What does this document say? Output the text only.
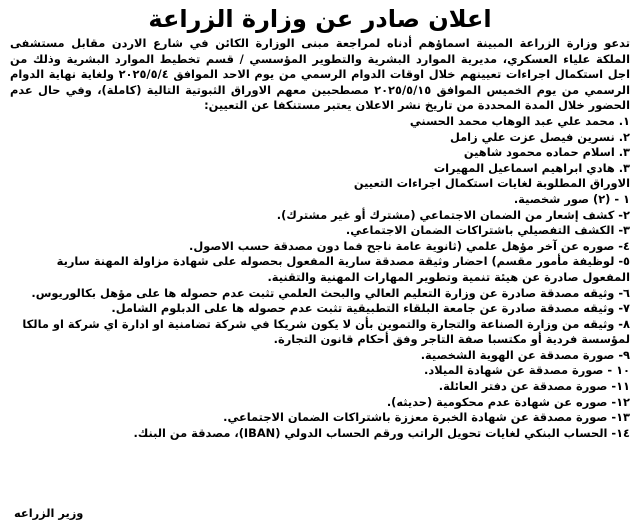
اعلان صادر عن وزارة الزراعة

تدعو وزارة الزراعة المبينة اسماؤهم أدناه لمراجعة مبنى الوزارة الكائن في شارع الاردن مقابل مستشفى الملكة علياء العسكري، مديرية الموارد البشرية والتطوير المؤسسي / قسم تخطيط الموارد البشرية وذلك من اجل استكمال اجراءات تعيينهم خلال اوقات الدوام الرسمي من يوم الاحد الموافق ٢٠٢٥/٥/٤ ولغاية نهاية الدوام الرسمي من يوم الخميس الموافق ٢٠٢٥/٥/١٥ مصطحبين معهم الاوراق الثبوتية التالية (كاملة)، وفي حال عدم الحضور خلال المدة المحددة من تاريخ نشر الاعلان يعتبر مستنكفا عن التعيين:

١. محمد علي عبد الوهاب محمد الحسني
٢. نسرين فيصل عزت علي زامل
٣. اسلام حماده محمود شاهين
٣. هادي ابراهيم اسماعيل المهيرات
الاوراق المطلوبة لغايات استكمال اجراءات التعيين
١ - (٢) صور شخصية.
٢- كشف إشعار من الضمان الاجتماعي (مشترك أو غير مشترك).
٣- الكشف التفصيلي باشتراكات الضمان الاجتماعي.
٤- صوره عن آخر مؤهل علمي (ثانوية عامة ناجح فما دون مصدقة حسب الاصول.
٥- لوظيفة مأمور مقسم) احضار وثيقة مصدقة سارية المفعول بحصوله على شهادة مزاولة المهنة سارية المفعول صادرة عن هيئة تنمية وتطوير المهارات المهنية والتقنية.
٦- وثيقه مصدقة صادرة عن وزارة التعليم العالي والبحث العلمي تثبت عدم حصوله ها على مؤهل بكالوريوس.
٧- وثيقه مصدقة صادرة عن جامعة البلقاء التطبيقية تثبت عدم حصوله ها على الدبلوم الشامل.
٨- وثيقه من وزارة الصناعة والتجارة والتموين بأن لا يكون شريكا في شركة تضامنية او ادارة اي شركة او مالكا لمؤسسة فردية أو مكتسبا صفة التاجر وفق أحكام قانون التجارة.
٩- صورة مصدقة عن الهوية الشخصية.
١٠ - صورة مصدقة عن شهادة الميلاد.
١١- صورة مصدقة عن دفتر العائلة.
١٢- صوره عن شهادة عدم محكومية (حديثه).
١٣- صورة مصدقة عن شهادة الخبرة معززة باشتراكات الضمان الاجتماعي.
١٤- الحساب البنكي لغايات تحويل الراتب ورقم الحساب الدولي (IBAN)، مصدقة من البنك.
وزير الزراعه
